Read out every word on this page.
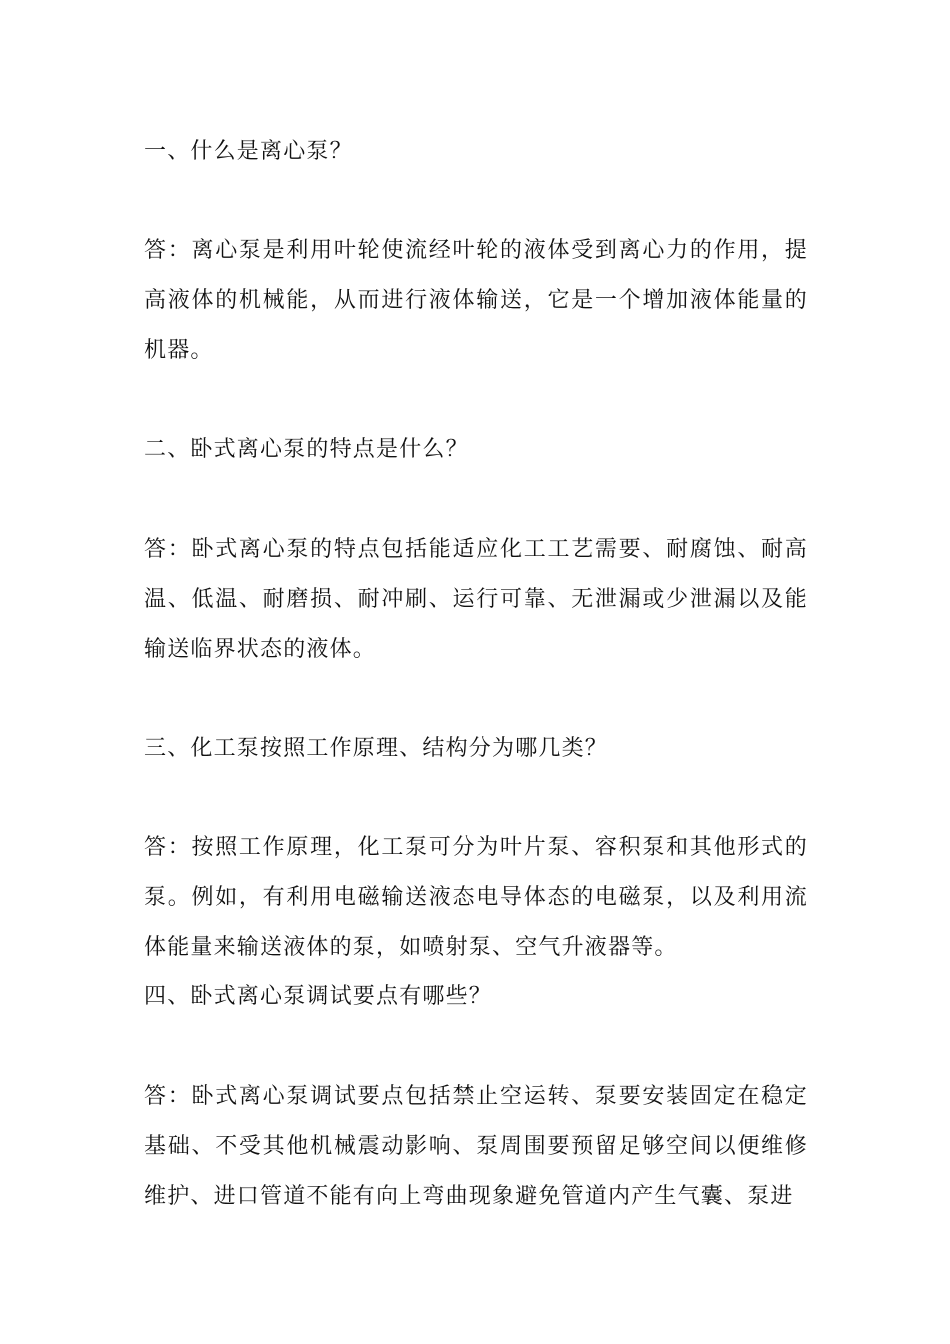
一、什么是离心泵？
答：离心泵是利用叶轮使流经叶轮的液体受到离心力的作用，提高液体的机械能，从而进行液体输送，它是一个增加液体能量的机器。
二、卧式离心泵的特点是什么？
答：卧式离心泵的特点包括能适应化工工艺需要、耐腐蚀、耐高温、低温、耐磨损、耐冲刷、运行可靠、无泄漏或少泄漏以及能输送临界状态的液体。
三、化工泵按照工作原理、结构分为哪几类？
答：按照工作原理，化工泵可分为叶片泵、容积泵和其他形式的泵。例如，有利用电磁输送液态电导体态的电磁泵，以及利用流体能量来输送液体的泵，如喷射泵、空气升液器等。
四、卧式离心泵调试要点有哪些？
答：卧式离心泵调试要点包括禁止空运转、泵要安装固定在稳定基础、不受其他机械震动影响、泵周围要预留足够空间以便维修维护、进口管道不能有向上弯曲现象避免管道内产生气囊、泵进
